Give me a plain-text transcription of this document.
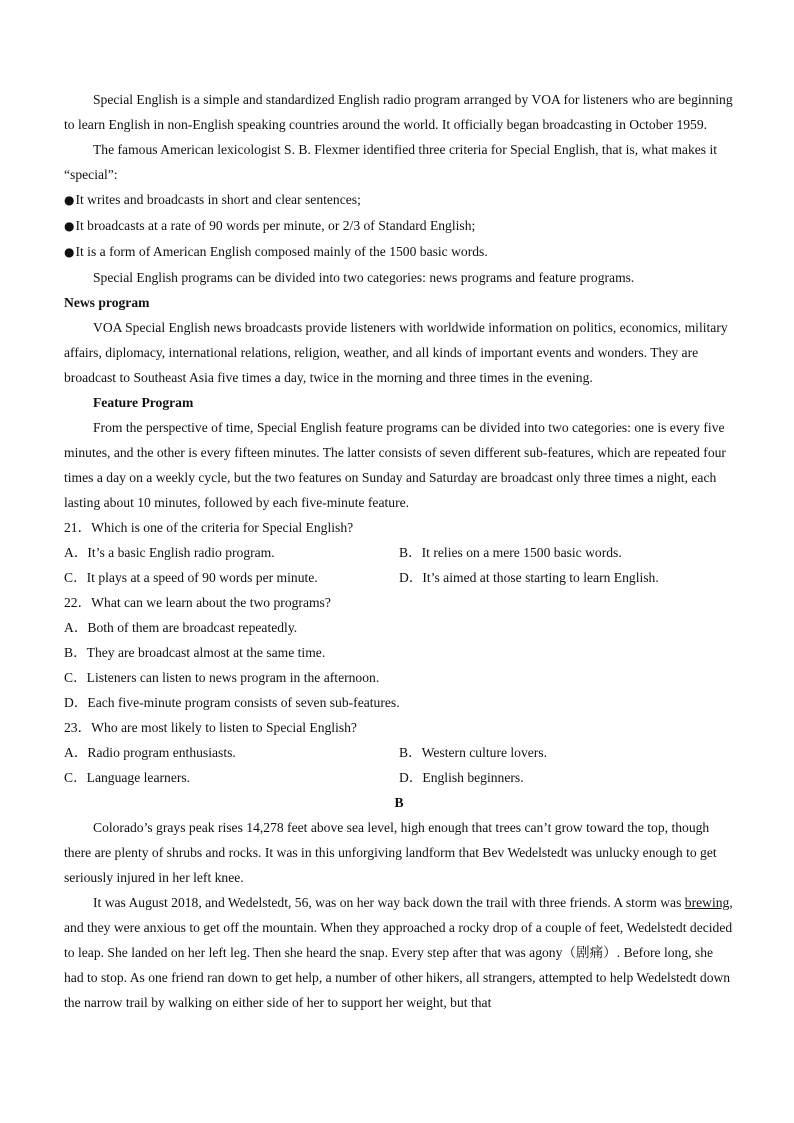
Special English is a simple and standardized English radio program arranged by VOA for listeners who are beginning to learn English in non-English speaking countries around the world. It officially began broadcasting in October 1959.

The famous American lexicologist S. B. Flexmer identified three criteria for Special English, that is, what makes it “special”:

●It writes and broadcasts in short and clear sentences;

●It broadcasts at a rate of 90 words per minute, or 2/3 of Standard English;

●It is a form of American English composed mainly of the 1500 basic words.

Special English programs can be divided into two categories: news programs and feature programs.

News program

VOA Special English news broadcasts provide listeners with worldwide information on politics, economics, military affairs, diplomacy, international relations, religion, weather, and all kinds of important events and wonders. They are broadcast to Southeast Asia five times a day, twice in the morning and three times in the evening.

Feature Program

From the perspective of time, Special English feature programs can be divided into two categories: one is every five minutes, and the other is every fifteen minutes. The latter consists of seven different sub-features, which are repeated four times a day on a weekly cycle, but the two features on Sunday and Saturday are broadcast only three times a night, each lasting about 10 minutes, followed by each five-minute feature.

21．Which is one of the criteria for Special English?

A．It’s a basic English radio program.	B．It relies on a mere 1500 basic words.
C．It plays at a speed of 90 words per minute.	D．It’s aimed at those starting to learn English.

22．What can we learn about the two programs?

A．Both of them are broadcast repeatedly.

B．They are broadcast almost at the same time.

C．Listeners can listen to news program in the afternoon.

D．Each five-minute program consists of seven sub-features.

23．Who are most likely to listen to Special English?

A．Radio program enthusiasts.	B．Western culture lovers.
C．Language learners.	D．English beginners.

B

Colorado’s grays peak rises 14,278 feet above sea level, high enough that trees can’t grow toward the top, though there are plenty of shrubs and rocks. It was in this unforgiving landform that Bev Wedelstedt was unlucky enough to get seriously injured in her left knee.

It was August 2018, and Wedelstedt, 56, was on her way back down the trail with three friends. A storm was brewing, and they were anxious to get off the mountain. When they approached a rocky drop of a couple of feet, Wedelstedt decided to leap. She landed on her left leg. Then she heard the snap. Every step after that was agony（剧痛）. Before long, she had to stop. As one friend ran down to get help, a number of other hikers, all strangers, attempted to help Wedelstedt down the narrow trail by walking on either side of her to support her weight, but that
